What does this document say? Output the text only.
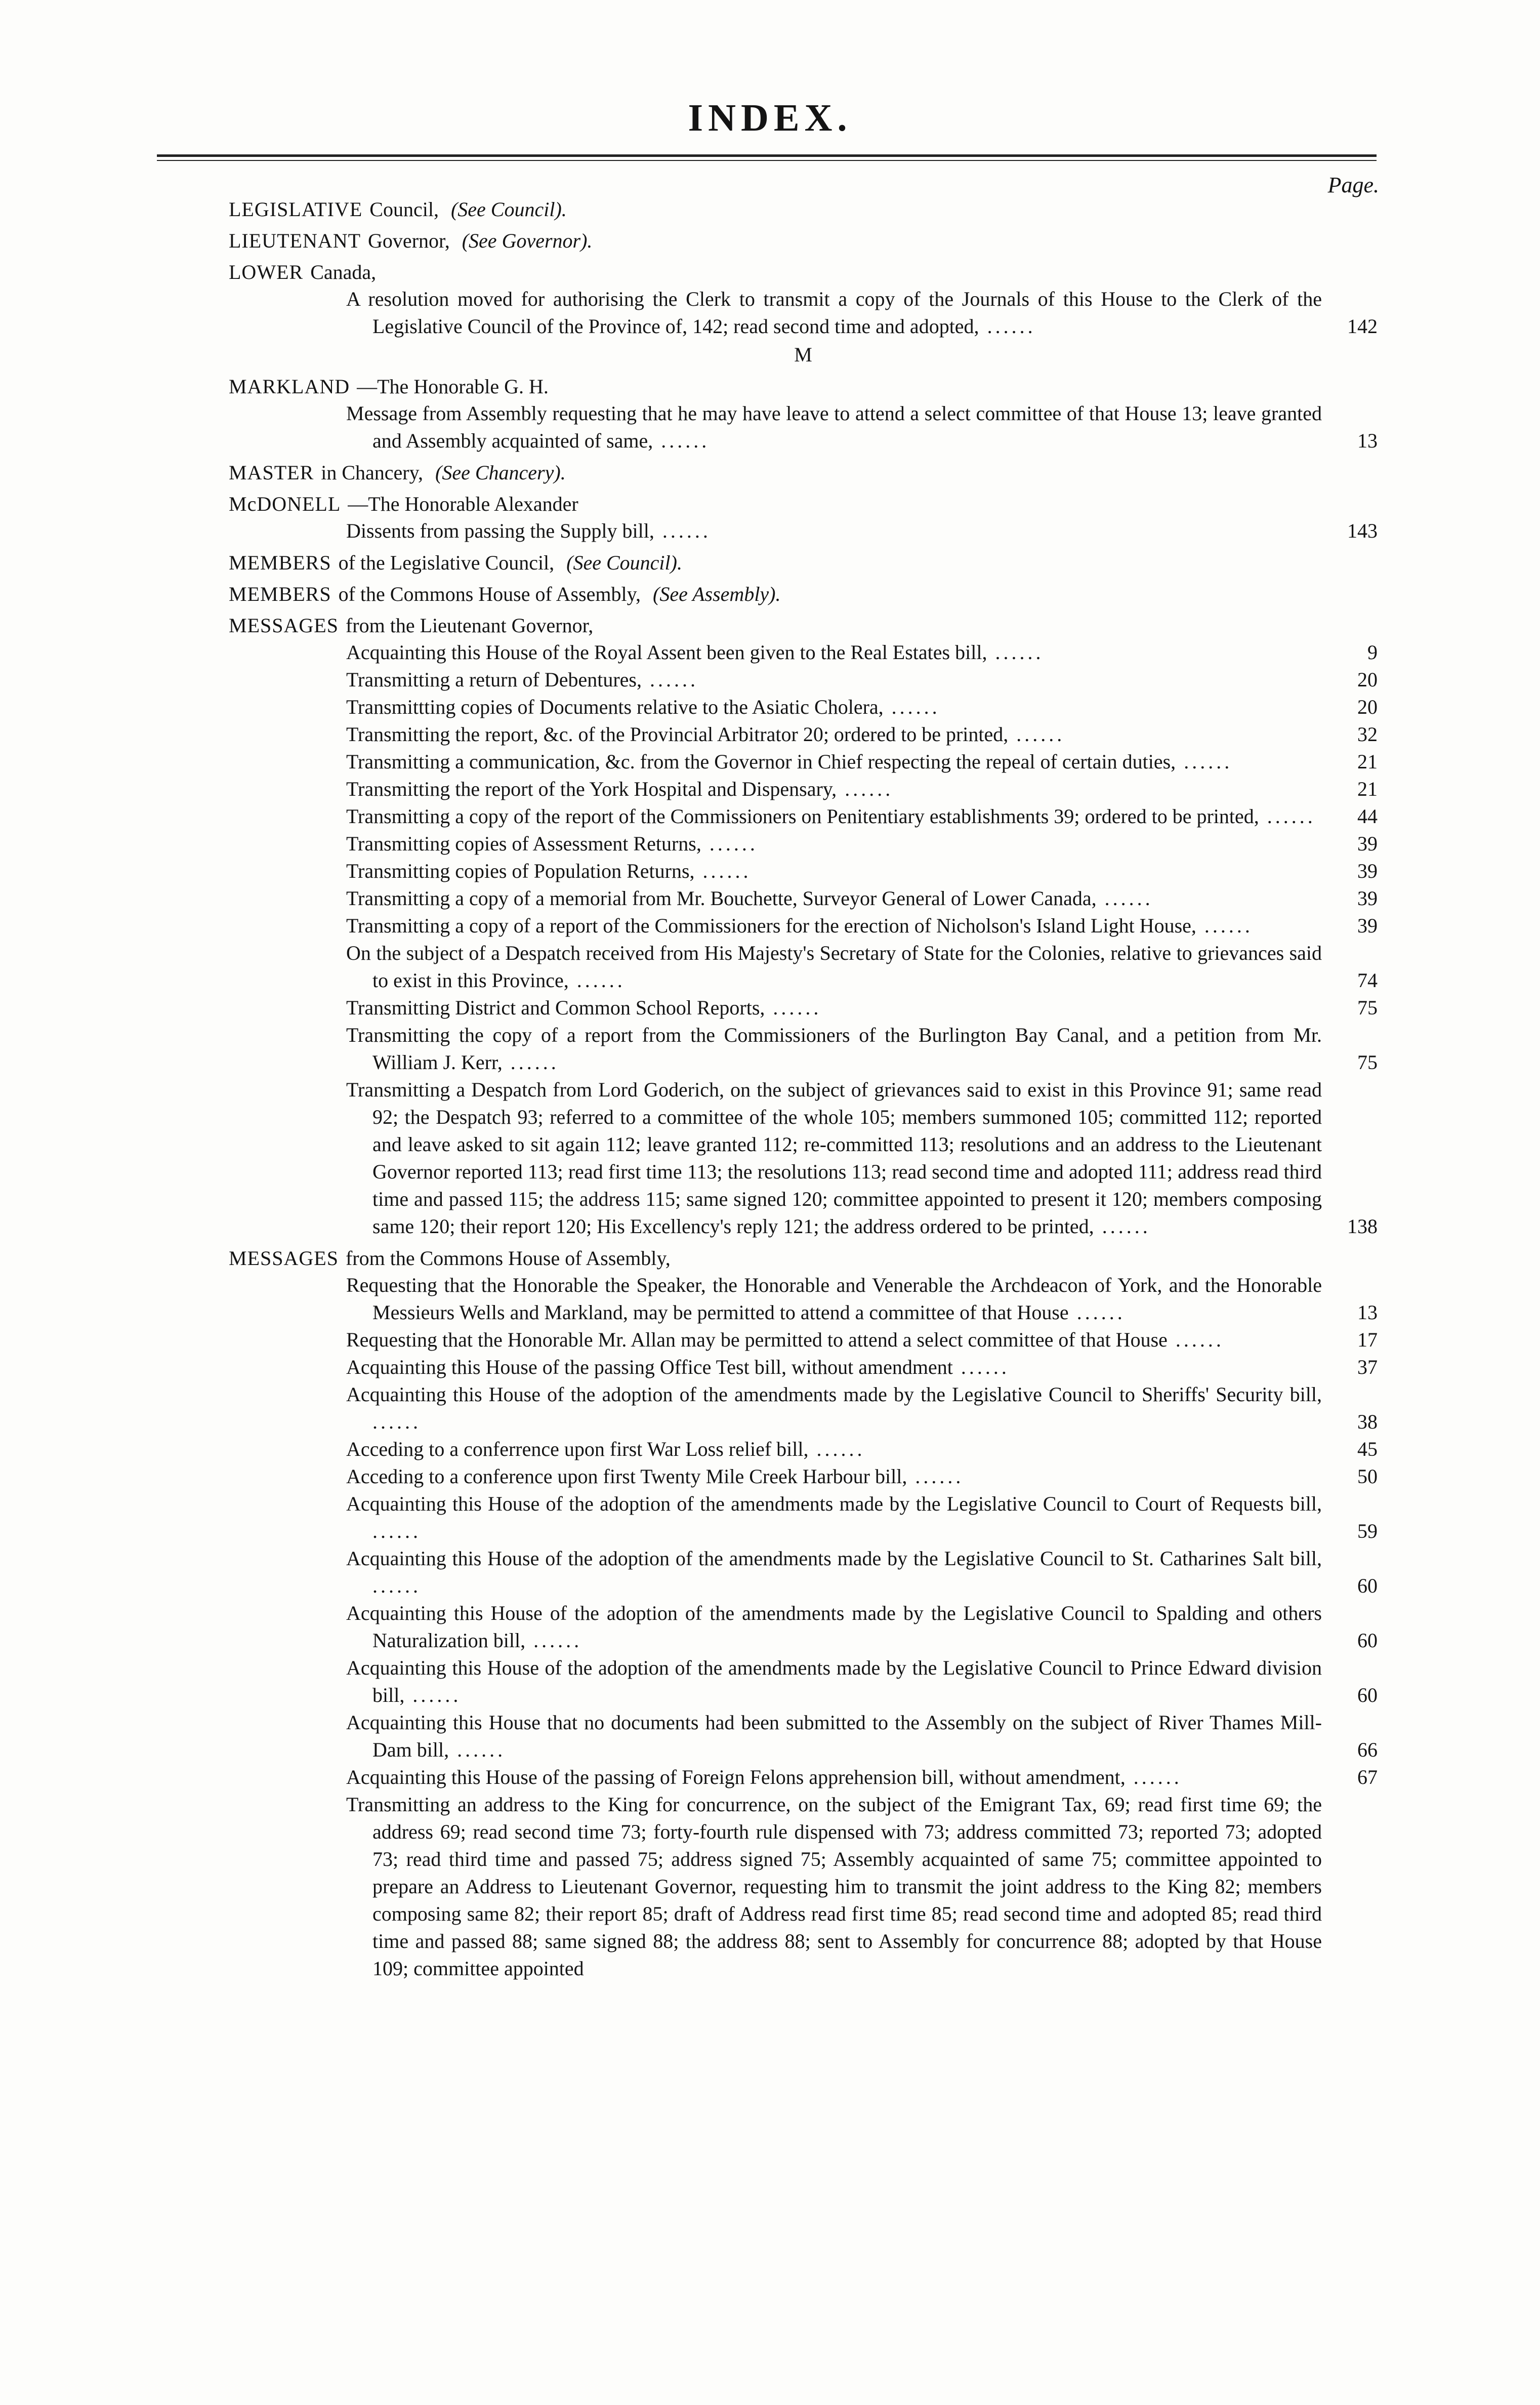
INDEX.
Page.
LEGISLATIVE Council, (See Council).
LIEUTENANT Governor, (See Governor).
LOWER Canada,
A resolution moved for authorising the Clerk to transmit a copy of the Journals of this House to the Clerk of the Legislative Council of the Province of, 142; read second time and adopted, ......	142
M
MARKLAND —The Honorable G. H.
Message from Assembly requesting that he may have leave to attend a select committee of that House 13; leave granted and Assembly acquainted of same, ......	13
MASTER in Chancery, (See Chancery).
McDONELL —The Honorable Alexander
Dissents from passing the Supply bill, ......	143
MEMBERS of the Legislative Council, (See Council).
MEMBERS of the Commons House of Assembly, (See Assembly).
MESSAGES from the Lieutenant Governor,
Acquainting this House of the Royal Assent been given to the Real Estates bill, ......	9
Transmitting a return of Debentures, ......	20
Transmittting copies of Documents relative to the Asiatic Cholera, ......	20
Transmitting the report, &c. of the Provincial Arbitrator 20; ordered to be printed, ......	32
Transmitting a communication, &c. from the Governor in Chief respecting the repeal of certain duties, ......	21
Transmitting the report of the York Hospital and Dispensary, ......	21
Transmitting a copy of the report of the Commissioners on Penitentiary establishments 39; ordered to be printed, ......	44
Transmitting copies of Assessment Returns, ......	39
Transmitting copies of Population Returns, ......	39
Transmitting a copy of a memorial from Mr. Bouchette, Surveyor General of Lower Canada, ......	39
Transmitting a copy of a report of the Commissioners for the erection of Nicholson's Island Light House, ......	39
On the subject of a Despatch received from His Majesty's Secretary of State for the Colonies, relative to grievances said to exist in this Province, ......	74
Transmitting District and Common School Reports, ......	75
Transmitting the copy of a report from the Commissioners of the Burlington Bay Canal, and a petition from Mr. William J. Kerr, ......	75
Transmitting a Despatch from Lord Goderich, on the subject of grievances said to exist in this Province 91; same read 92; the Despatch 93; referred to a committee of the whole 105; members summoned 105; committed 112; reported and leave asked to sit again 112; leave granted 112; re-committed 113; resolutions and an address to the Lieutenant Governor reported 113; read first time 113; the resolutions 113; read second time and adopted 111; address read third time and passed 115; the address 115; same signed 120; committee appointed to present it 120; members composing same 120; their report 120; His Excellency's reply 121; the address ordered to be printed, ......	138
MESSAGES from the Commons House of Assembly,
Requesting that the Honorable the Speaker, the Honorable and Venerable the Archdeacon of York, and the Honorable Messieurs Wells and Markland, may be permitted to attend a committee of that House ......	13
Requesting that the Honorable Mr. Allan may be permitted to attend a select committee of that House ......	17
Acquainting this House of the passing Office Test bill, without amendment ......	37
Acquainting this House of the adoption of the amendments made by the Legislative Council to Sheriffs' Security bill, ......	38
Acceding to a conferrence upon first War Loss relief bill, ......	45
Acceding to a conference upon first Twenty Mile Creek Harbour bill, ......	50
Acquainting this House of the adoption of the amendments made by the Legislative Council to Court of Requests bill, ......	59
Acquainting this House of the adoption of the amendments made by the Legislative Council to St. Catharines Salt bill, ......	60
Acquainting this House of the adoption of the amendments made by the Legislative Council to Spalding and others Naturalization bill, ......	60
Acquainting this House of the adoption of the amendments made by the Legislative Council to Prince Edward division bill, ......	60
Acquainting this House that no documents had been submitted to the Assembly on the subject of River Thames Mill-Dam bill, ......	66
Acquainting this House of the passing of Foreign Felons apprehension bill, without amendment, ......	67
Transmitting an address to the King for concurrence, on the subject of the Emigrant Tax, 69; read first time 69; the address 69; read second time 73; forty-fourth rule dispensed with 73; address committed 73; reported 73; adopted 73; read third time and passed 75; address signed 75; Assembly acquainted of same 75; committee appointed to prepare an Address to Lieutenant Governor, requesting him to transmit the joint address to the King 82; members composing same 82; their report 85; draft of Address read first time 85; read second time and adopted 85; read third time and passed 88; same signed 88; the address 88; sent to Assembly for concurrence 88; adopted by that House 109; committee appointed
